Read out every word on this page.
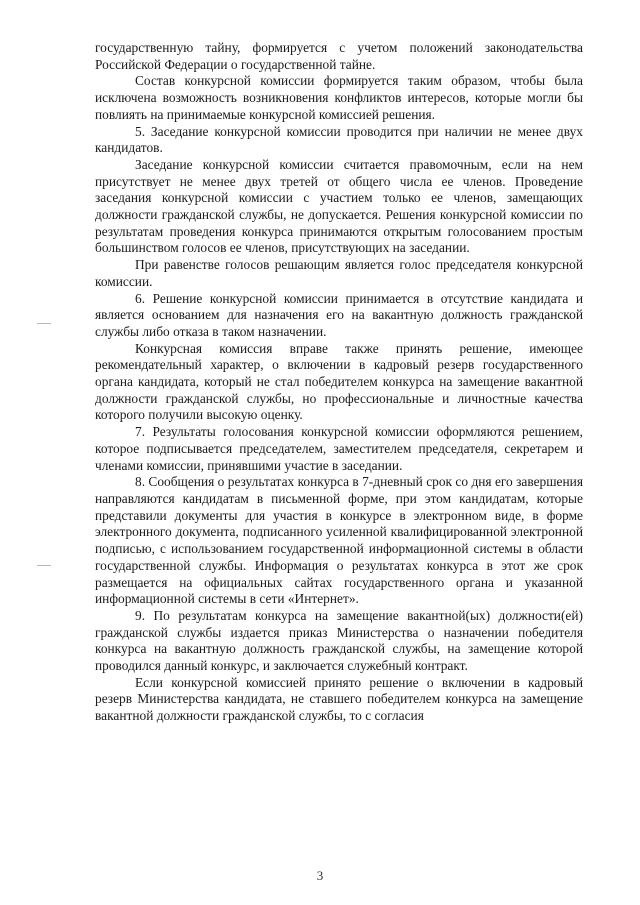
государственную тайну, формируется с учетом положений законодательства Российской Федерации о государственной тайне.

Состав конкурсной комиссии формируется таким образом, чтобы была исключена возможность возникновения конфликтов интересов, которые могли бы повлиять на принимаемые конкурсной комиссией решения.

5. Заседание конкурсной комиссии проводится при наличии не менее двух кандидатов.

Заседание конкурсной комиссии считается правомочным, если на нем присутствует не менее двух третей от общего числа ее членов. Проведение заседания конкурсной комиссии с участием только ее членов, замещающих должности гражданской службы, не допускается. Решения конкурсной комиссии по результатам проведения конкурса принимаются открытым голосованием простым большинством голосов ее членов, присутствующих на заседании.

При равенстве голосов решающим является голос председателя конкурсной комиссии.

6. Решение конкурсной комиссии принимается в отсутствие кандидата и является основанием для назначения его на вакантную должность гражданской службы либо отказа в таком назначении.

Конкурсная комиссия вправе также принять решение, имеющее рекомендательный характер, о включении в кадровый резерв государственного органа кандидата, который не стал победителем конкурса на замещение вакантной должности гражданской службы, но профессиональные и личностные качества которого получили высокую оценку.

7. Результаты голосования конкурсной комиссии оформляются решением, которое подписывается председателем, заместителем председателя, секретарем и членами комиссии, принявшими участие в заседании.

8. Сообщения о результатах конкурса в 7-дневный срок со дня его завершения направляются кандидатам в письменной форме, при этом кандидатам, которые представили документы для участия в конкурсе в электронном виде, в форме электронного документа, подписанного усиленной квалифицированной электронной подписью, с использованием государственной информационной системы в области государственной службы. Информация о результатах конкурса в этот же срок размещается на официальных сайтах государственного органа и указанной информационной системы в сети «Интернет».

9. По результатам конкурса на замещение вакантной(ых) должности(ей) гражданской службы издается приказ Министерства о назначении победителя конкурса на вакантную должность гражданской службы, на замещение которой проводился данный конкурс, и заключается служебный контракт.

Если конкурсной комиссией принято решение о включении в кадровый резерв Министерства кандидата, не ставшего победителем конкурса на замещение вакантной должности гражданской службы, то с согласия

3
